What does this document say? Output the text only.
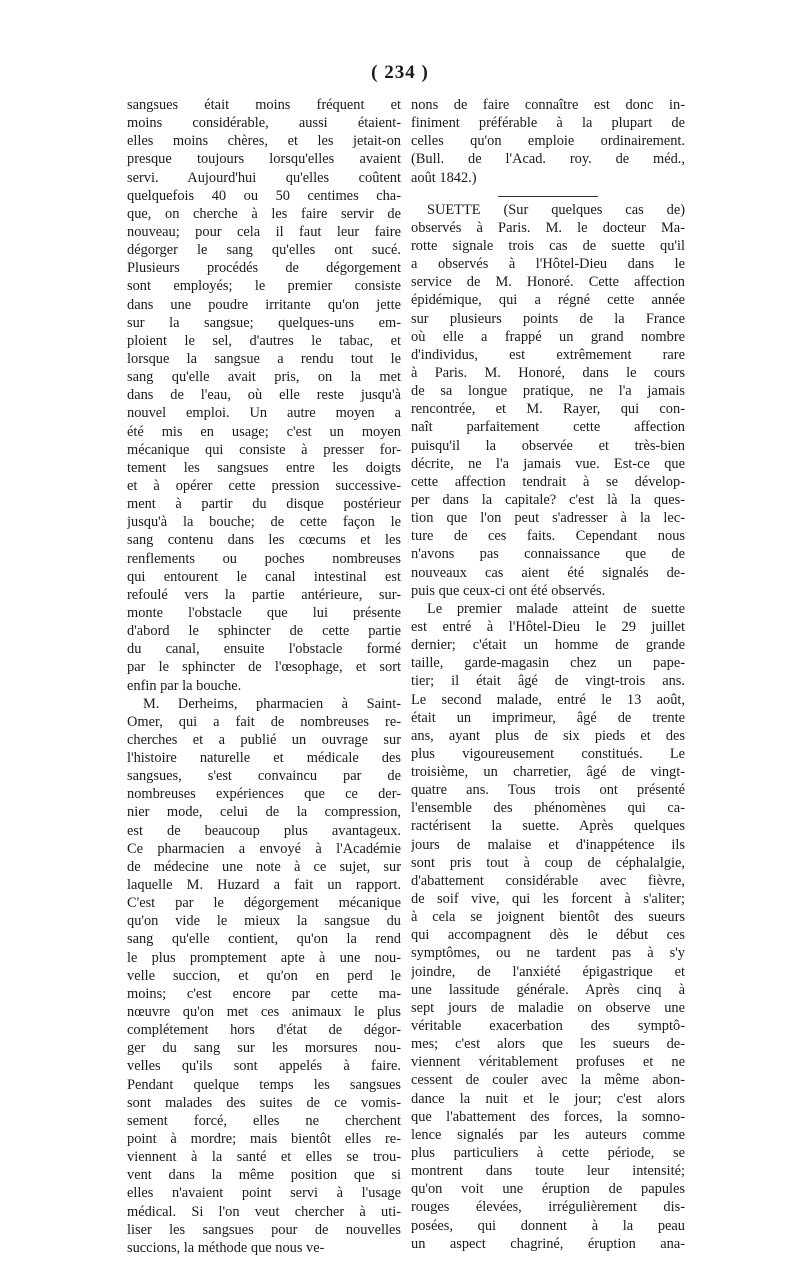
( 234 )
sangsues était moins fréquent et
moins considérable, aussi étaient-
elles moins chères, et les jetait-on
presque toujours lorsqu'elles avaient
servi. Aujourd'hui qu'elles coûtent
quelquefois 40 ou 50 centimes cha-
que, on cherche à les faire servir de
nouveau; pour cela il faut leur faire
dégorger le sang qu'elles ont sucé.
Plusieurs procédés de dégorgement
sont employés; le premier consiste
dans une poudre irritante qu'on jette
sur la sangsue; quelques-uns em-
ploient le sel, d'autres le tabac, et
lorsque la sangsue a rendu tout le
sang qu'elle avait pris, on la met
dans de l'eau, où elle reste jusqu'à
nouvel emploi. Un autre moyen a
été mis en usage; c'est un moyen
mécanique qui consiste à presser for-
tement les sangsues entre les doigts
et à opérer cette pression successive-
ment à partir du disque postérieur
jusqu'à la bouche; de cette façon le
sang contenu dans les cœcums et les
renflements ou poches nombreuses
qui entourent le canal intestinal est
refoulé vers la partie antérieure, sur-
monte l'obstacle que lui présente
d'abord le sphincter de cette partie
du canal, ensuite l'obstacle formé
par le sphincter de l'œsophage, et sort
enfin par la bouche.
M. Derheims, pharmacien à Saint-
Omer, qui a fait de nombreuses re-
cherches et a publié un ouvrage sur
l'histoire naturelle et médicale des
sangsues, s'est convaincu par de
nombreuses expériences que ce der-
nier mode, celui de la compression,
est de beaucoup plus avantageux.
Ce pharmacien a envoyé à l'Académie
de médecine une note à ce sujet, sur
laquelle M. Huzard a fait un rapport.
C'est par le dégorgement mécanique
qu'on vide le mieux la sangsue du
sang qu'elle contient, qu'on la rend
le plus promptement apte à une nou-
velle succion, et qu'on en perd le
moins; c'est encore par cette ma-
nœuvre qu'on met ces animaux le plus
complétement hors d'état de dégor-
ger du sang sur les morsures nou-
velles qu'ils sont appelés à faire.
Pendant quelque temps les sangsues
sont malades des suites de ce vomis-
sement forcé, elles ne cherchent
point à mordre; mais bientôt elles re-
viennent à la santé et elles se trou-
vent dans la même position que si
elles n'avaient point servi à l'usage
médical. Si l'on veut chercher à uti-
liser les sangsues pour de nouvelles
succions, la méthode que nous ve-
nons de faire connaître est donc in-
finiment préférable à la plupart de
celles qu'on emploie ordinairement.
(Bull. de l'Acad. roy. de méd.,
août 1842.)
SUETTE (Sur quelques cas de)
observés à Paris. M. le docteur Ma-
rotte signale trois cas de suette qu'il
a observés à l'Hôtel-Dieu dans le
service de M. Honoré. Cette affection
épidémique, qui a régné cette année
sur plusieurs points de la France
où elle a frappé un grand nombre
d'individus, est extrêmement rare
à Paris. M. Honoré, dans le cours
de sa longue pratique, ne l'a jamais
rencontrée, et M. Rayer, qui con-
naît parfaitement cette affection
puisqu'il la observée et très-bien
décrite, ne l'a jamais vue. Est-ce que
cette affection tendrait à se dévelop-
per dans la capitale? c'est là la ques-
tion que l'on peut s'adresser à la lec-
ture de ces faits. Cependant nous
n'avons pas connaissance que de
nouveaux cas aient été signalés de-
puis que ceux-ci ont été observés.
Le premier malade atteint de suette
est entré à l'Hôtel-Dieu le 29 juillet
dernier; c'était un homme de grande
taille, garde-magasin chez un pape-
tier; il était âgé de vingt-trois ans.
Le second malade, entré le 13 août,
était un imprimeur, âgé de trente
ans, ayant plus de six pieds et des
plus vigoureusement constitués. Le
troisième, un charretier, âgé de vingt-
quatre ans. Tous trois ont présenté
l'ensemble des phénomènes qui ca-
ractérisent la suette. Après quelques
jours de malaise et d'inappétence ils
sont pris tout à coup de céphalalgie,
d'abattement considérable avec fièvre,
de soif vive, qui les forcent à s'aliter;
à cela se joignent bientôt des sueurs
qui accompagnent dès le début ces
symptômes, ou ne tardent pas à s'y
joindre, de l'anxiété épigastrique et
une lassitude générale. Après cinq à
sept jours de maladie on observe une
véritable exacerbation des symptô-
mes; c'est alors que les sueurs de-
viennent véritablement profuses et ne
cessent de couler avec la même abon-
dance la nuit et le jour; c'est alors
que l'abattement des forces, la somno-
lence signalés par les auteurs comme
plus particuliers à cette période, se
montrent dans toute leur intensité;
qu'on voit une éruption de papules
rouges élevées, irrégulièrement dis-
posées, qui donnent à la peau
un aspect chagriné, éruption ana-
